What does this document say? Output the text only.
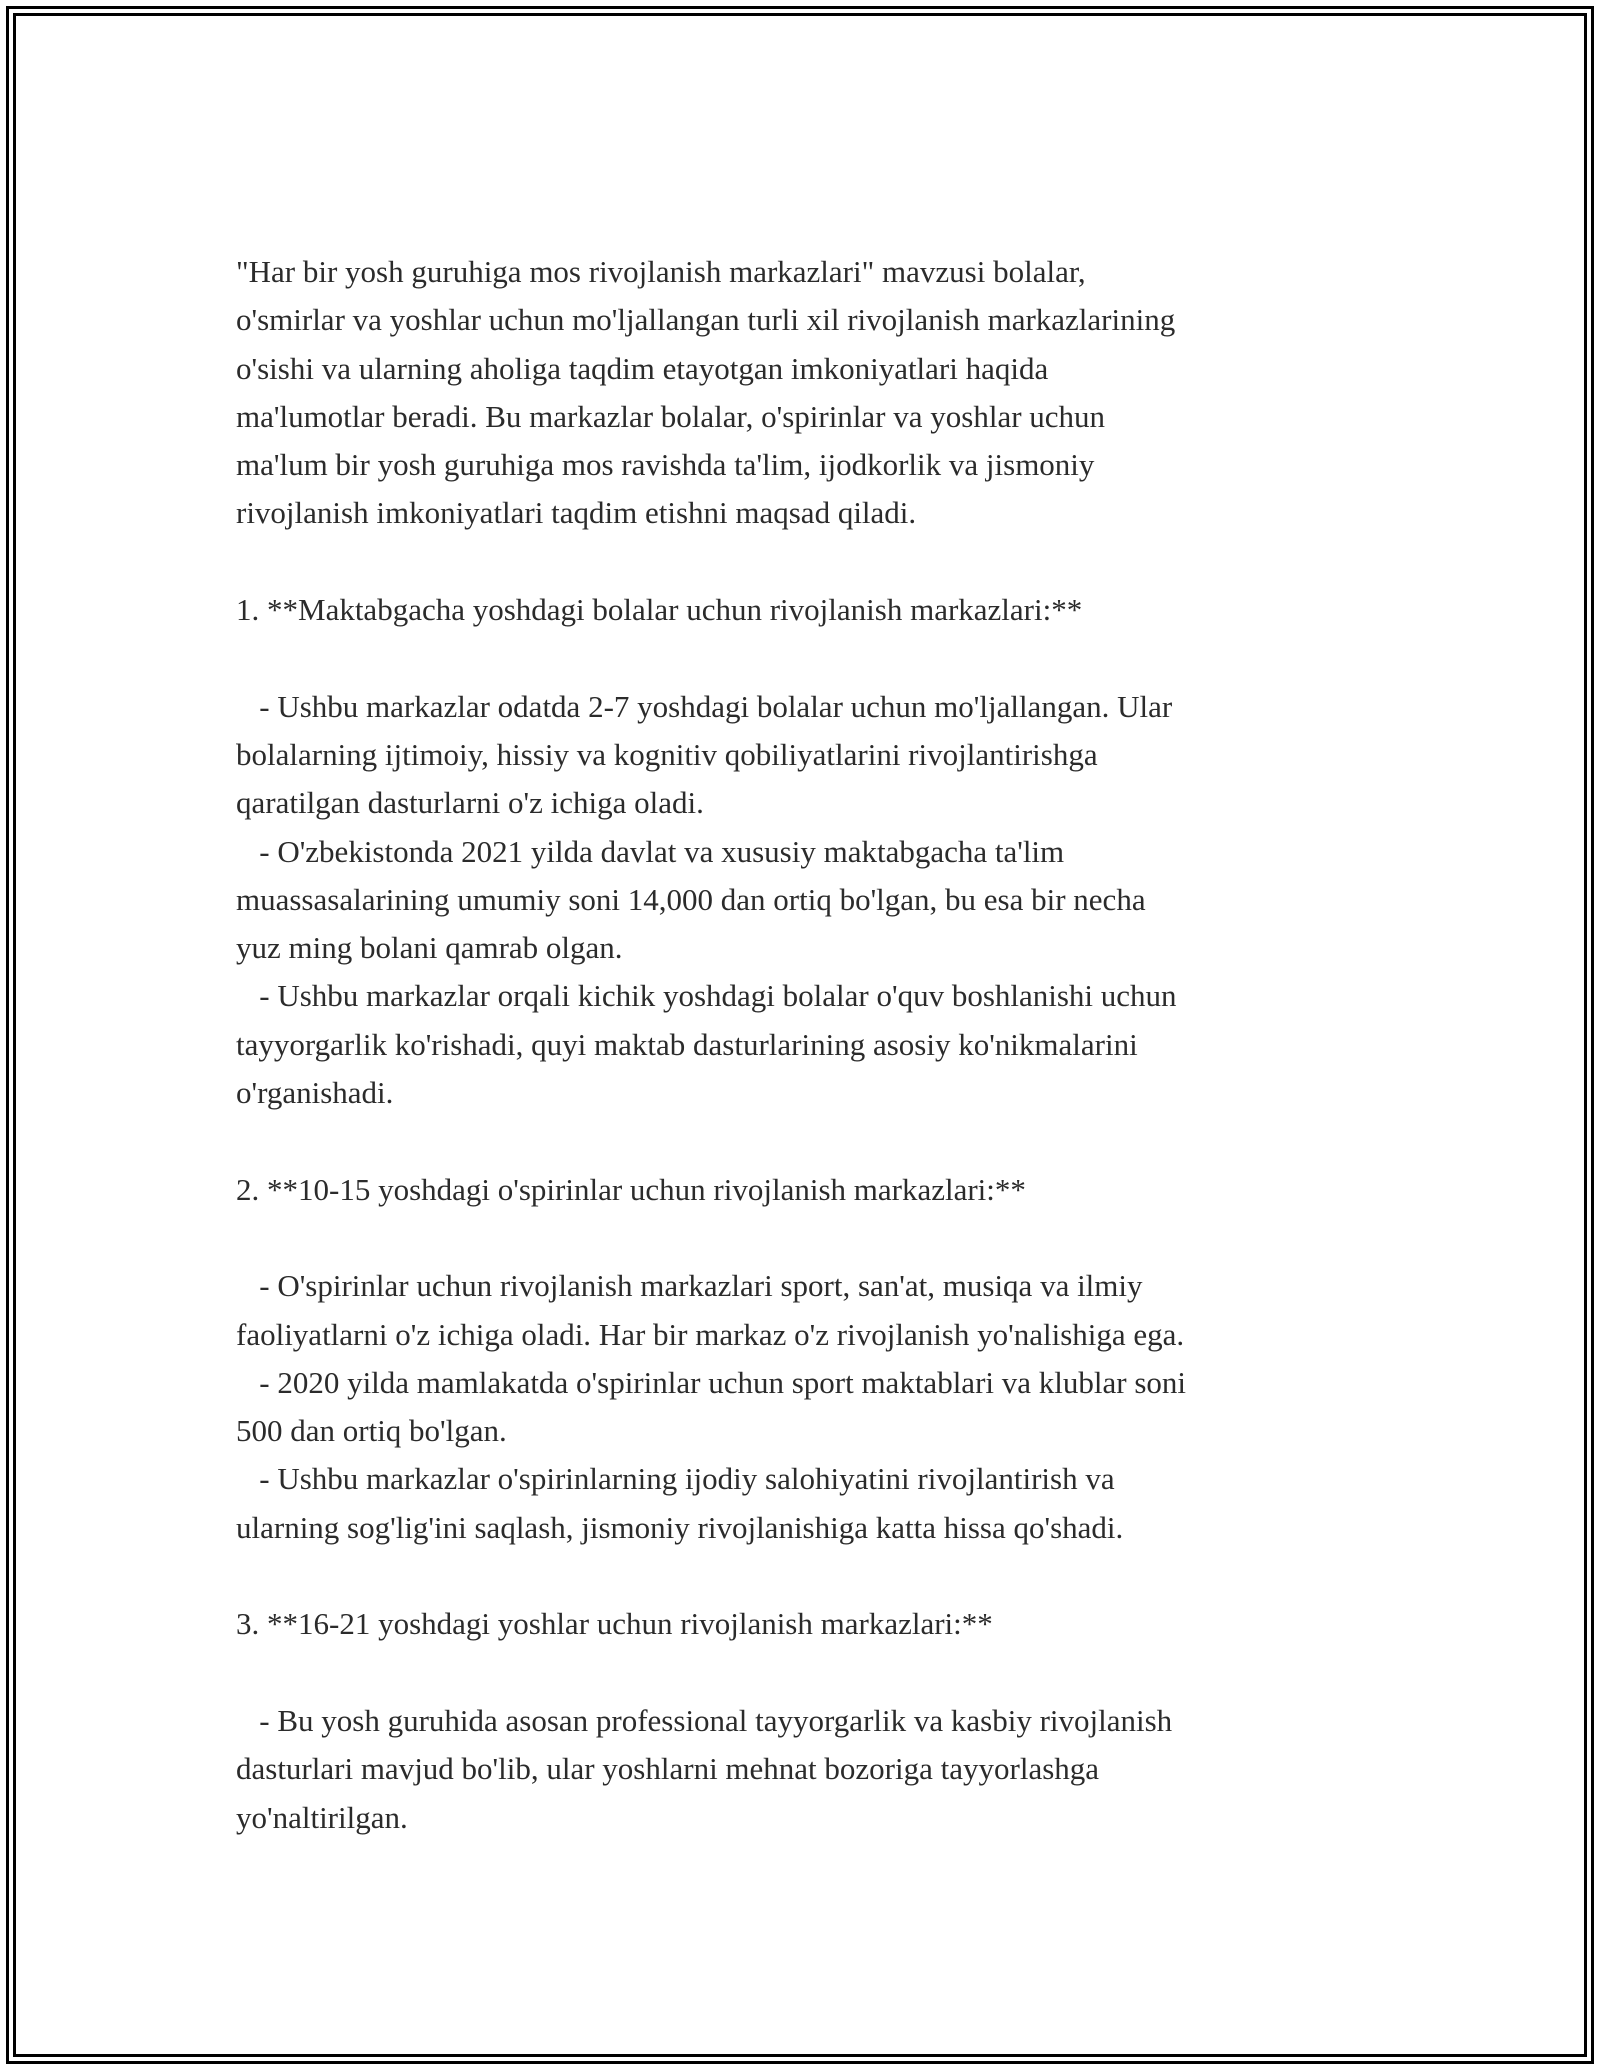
"Har bir yosh guruhiga mos rivojlanish markazlari" mavzusi bolalar,
o'smirlar va yoshlar uchun mo'ljallangan turli xil rivojlanish markazlarining
o'sishi va ularning aholiga taqdim etayotgan imkoniyatlari haqida
ma'lumotlar beradi. Bu markazlar bolalar, o'spirinlar va yoshlar uchun
ma'lum bir yosh guruhiga mos ravishda ta'lim, ijodkorlik va jismoniy
rivojlanish imkoniyatlari taqdim etishni maqsad qiladi.

1. **Maktabgacha yoshdagi bolalar uchun rivojlanish markazlari:**

- Ushbu markazlar odatda 2-7 yoshdagi bolalar uchun mo'ljallangan. Ular
bolalarning ijtimoiy, hissiy va kognitiv qobiliyatlarini rivojlantirishga
qaratilgan dasturlarni o'z ichiga oladi.

- O'zbekistonda 2021 yilda davlat va xususiy maktabgacha ta'lim
muassasalarining umumiy soni 14,000 dan ortiq bo'lgan, bu esa bir necha
yuz ming bolani qamrab olgan.

- Ushbu markazlar orqali kichik yoshdagi bolalar o'quv boshlanishi uchun
tayyorgarlik ko'rishadi, quyi maktab dasturlarining asosiy ko'nikmalarini
o'rganishadi.

2. **10-15 yoshdagi o'spirinlar uchun rivojlanish markazlari:**

- O'spirinlar uchun rivojlanish markazlari sport, san'at, musiqa va ilmiy
faoliyatlarni o'z ichiga oladi. Har bir markaz o'z rivojlanish yo'nalishiga ega.

- 2020 yilda mamlakatda o'spirinlar uchun sport maktablari va klublar soni
500 dan ortiq bo'lgan.

- Ushbu markazlar o'spirinlarning ijodiy salohiyatini rivojlantirish va
ularning sog'lig'ini saqlash, jismoniy rivojlanishiga katta hissa qo'shadi.

3. **16-21 yoshdagi yoshlar uchun rivojlanish markazlari:**

- Bu yosh guruhida asosan professional tayyorgarlik va kasbiy rivojlanish
dasturlari mavjud bo'lib, ular yoshlarni mehnat bozoriga tayyorlashga
yo'naltirilgan.
